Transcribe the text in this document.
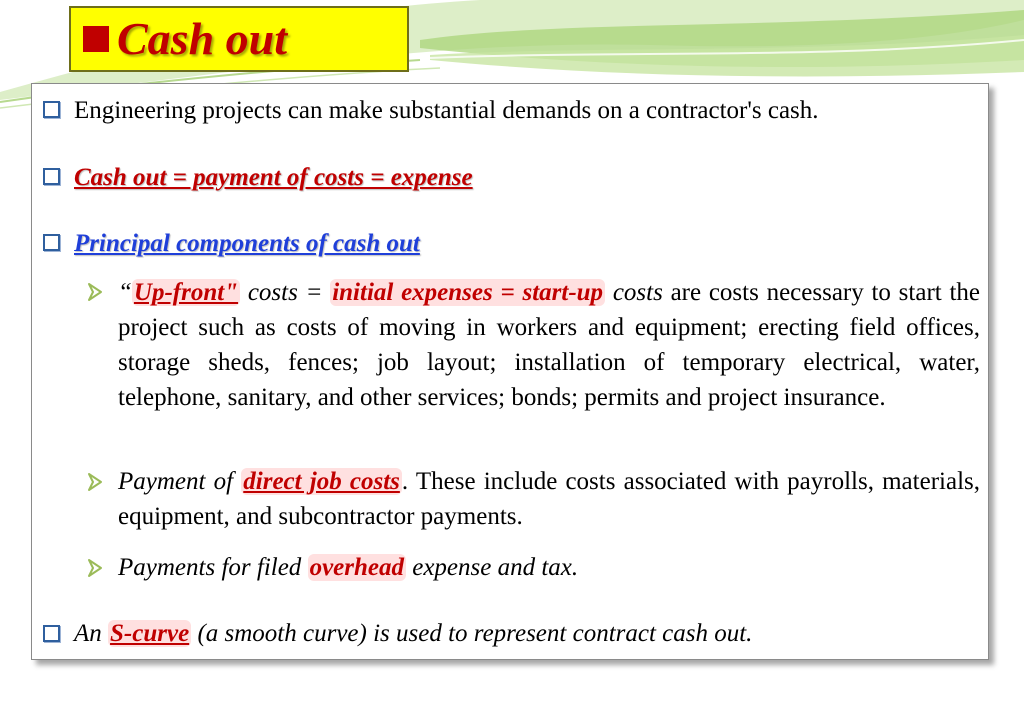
Cash out
Engineering projects can make substantial demands on a contractor's cash.
Cash out = payment of costs = expense
Principal components of cash out
“Up-front" costs = initial expenses = start-up costs are costs necessary to start the project such as costs of moving in workers and equipment; erecting field offices, storage sheds, fences; job layout; installation of temporary electrical, water, telephone, sanitary, and other services; bonds; permits and project insurance.
Payment of direct job costs. These include costs associated with payrolls, materials, equipment, and subcontractor payments.
Payments for filed overhead expense and tax.
An S-curve (a smooth curve) is used to represent contract cash out.
